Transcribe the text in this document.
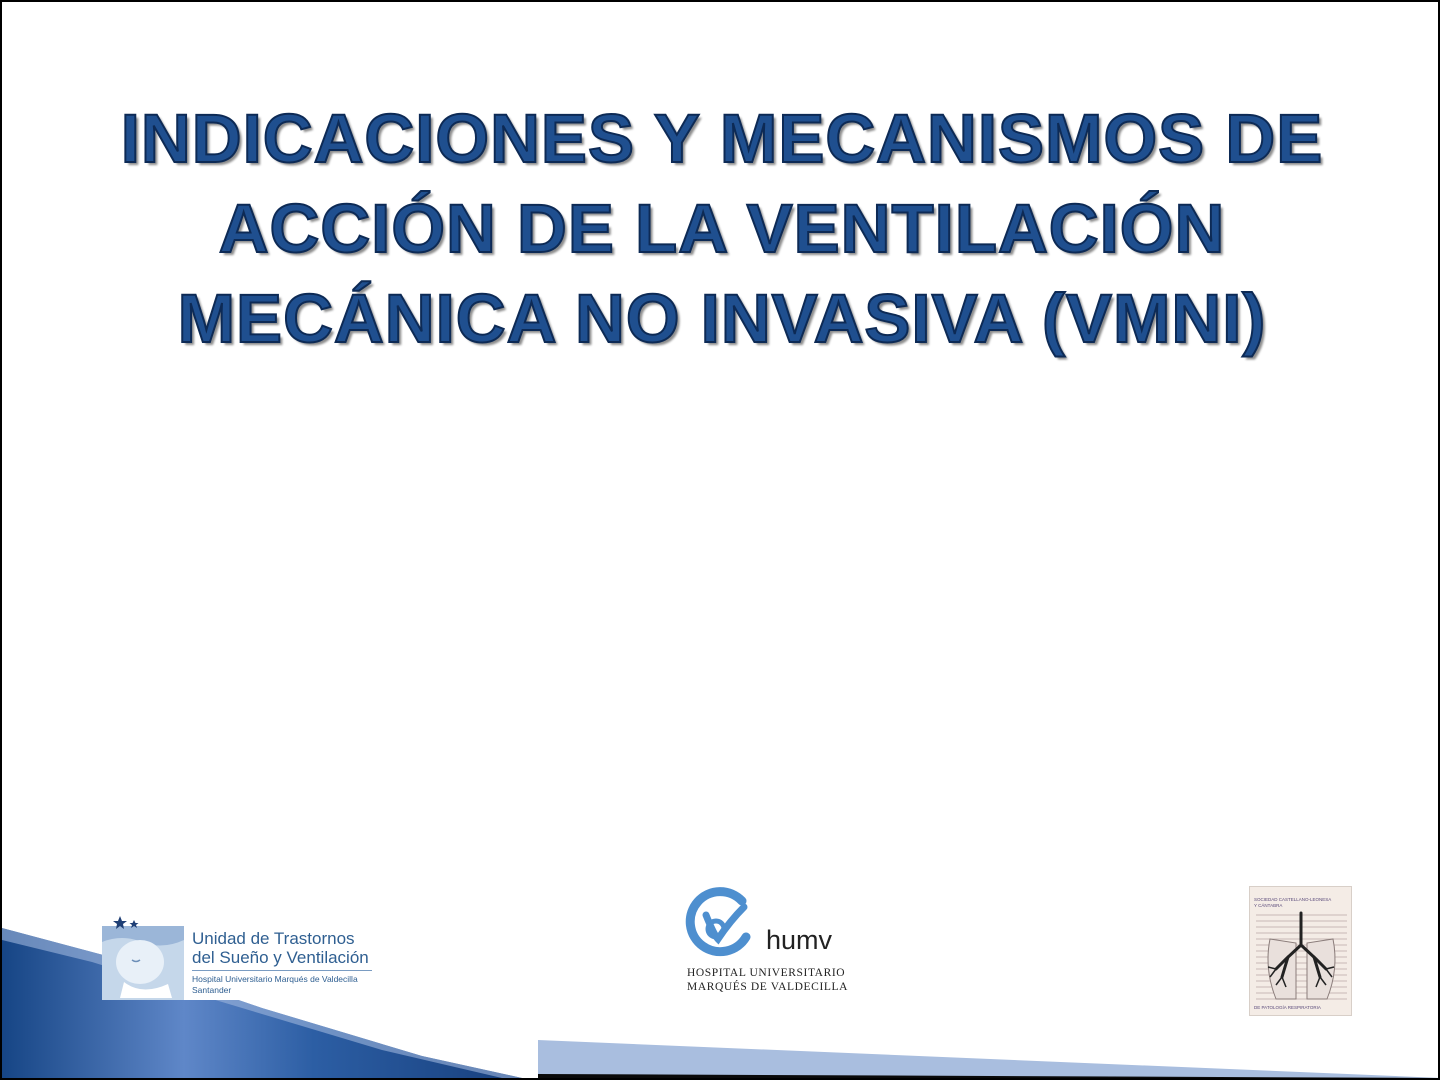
INDICACIONES Y MECANISMOS DE
ACCIÓN DE LA VENTILACIÓN
MECÁNICA NO INVASIVA (VMNI)
Unidad de Trastornos
del Sueño y Ventilación
Hospital Universitario Marqués de Valdecilla
Santander
humv
HOSPITAL UNIVERSITARIO
MARQUÉS DE VALDECILLA
SOCIEDAD CASTELLANO-LEONESA
Y CÁNTABRA
DE PATOLOGÍA RESPIRATORIA
